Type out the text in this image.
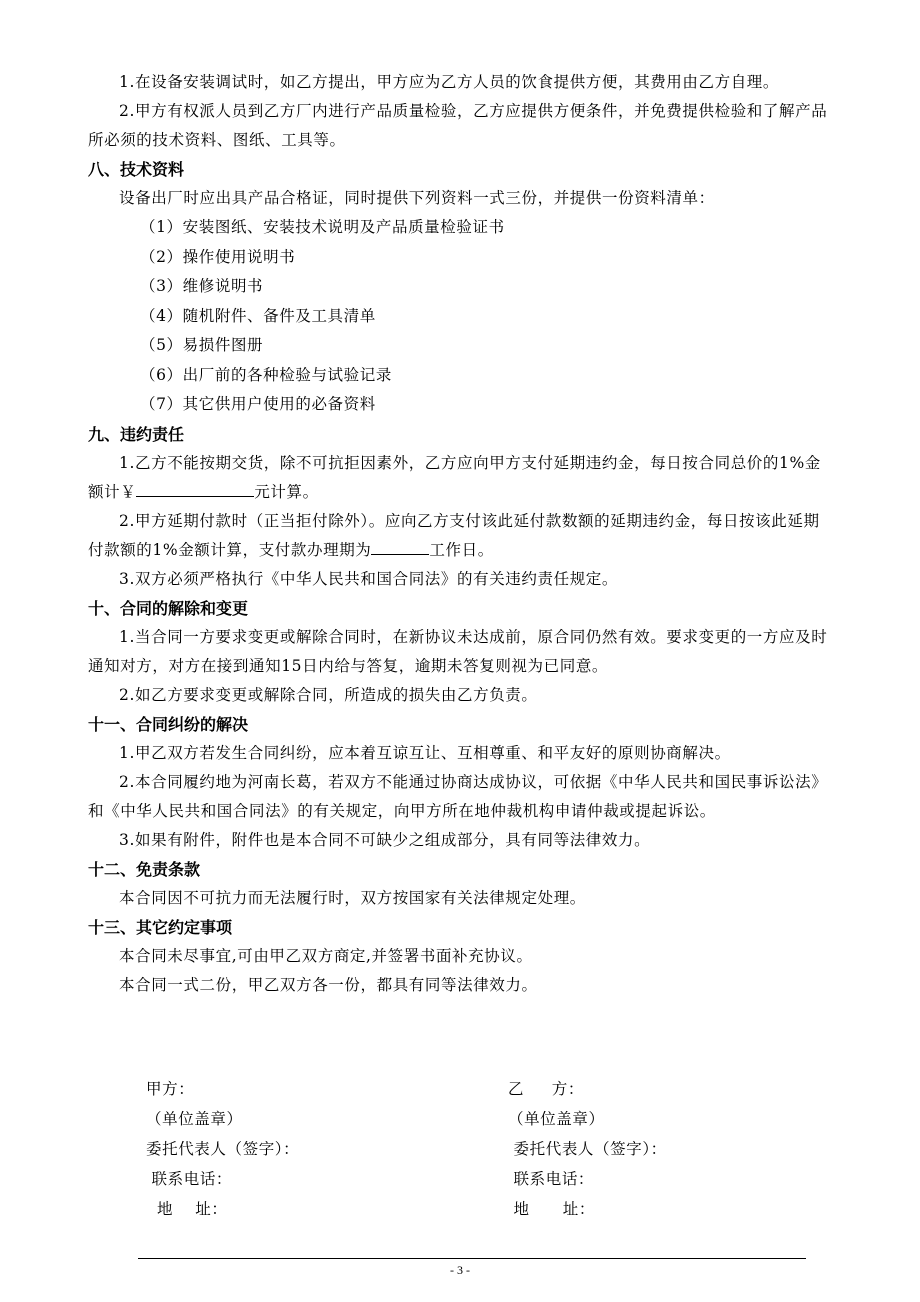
1.在设备安装调试时，如乙方提出，甲方应为乙方人员的饮食提供方便，其费用由乙方自理。

2.甲方有权派人员到乙方厂内进行产品质量检验，乙方应提供方便条件，并免费提供检验和了解产品所必须的技术资料、图纸、工具等。

八、技术资料

设备出厂时应出具产品合格证，同时提供下列资料一式三份，并提供一份资料清单：

（1）安装图纸、安装技术说明及产品质量检验证书

（2）操作使用说明书

（3）维修说明书

（4）随机附件、备件及工具清单

（5）易损件图册

（6）出厂前的各种检验与试验记录

（7）其它供用户使用的必备资料

九、违约责任

1.乙方不能按期交货，除不可抗拒因素外，乙方应向甲方支付延期违约金，每日按合同总价的1%金额计￥	元计算。

2.甲方延期付款时（正当拒付除外）。应向乙方支付该此延付款数额的延期违约金，每日按该此延期付款额的1%金额计算，支付款办理期为	工作日。

3.双方必须严格执行《中华人民共和国合同法》的有关违约责任规定。

十、合同的解除和变更

1.当合同一方要求变更或解除合同时，在新协议未达成前，原合同仍然有效。要求变更的一方应及时通知对方，对方在接到通知15日内给与答复，逾期未答复则视为已同意。

2.如乙方要求变更或解除合同，所造成的损失由乙方负责。

十一、合同纠纷的解决

1.甲乙双方若发生合同纠纷，应本着互谅互让、互相尊重、和平友好的原则协商解决。

2.本合同履约地为河南长葛，若双方不能通过协商达成协议，可依据《中华人民共和国民事诉讼法》和《中华人民共和国合同法》的有关规定，向甲方所在地仲裁机构申请仲裁或提起诉讼。

3.如果有附件，附件也是本合同不可缺少之组成部分，具有同等法律效力。

十二、免责条款

本合同因不可抗力而无法履行时，双方按国家有关法律规定处理。

十三、其它约定事项

本合同未尽事宜,可由甲乙双方商定,并签署书面补充协议。

本合同一式二份，甲乙双方各一份，都具有同等法律效力。

甲方：

（单位盖章）

委托代表人（签字）：

联系电话：

地    址：

乙     方：

（单位盖章）

委托代表人（签字）：

联系电话：

地      址：

- 3 -
